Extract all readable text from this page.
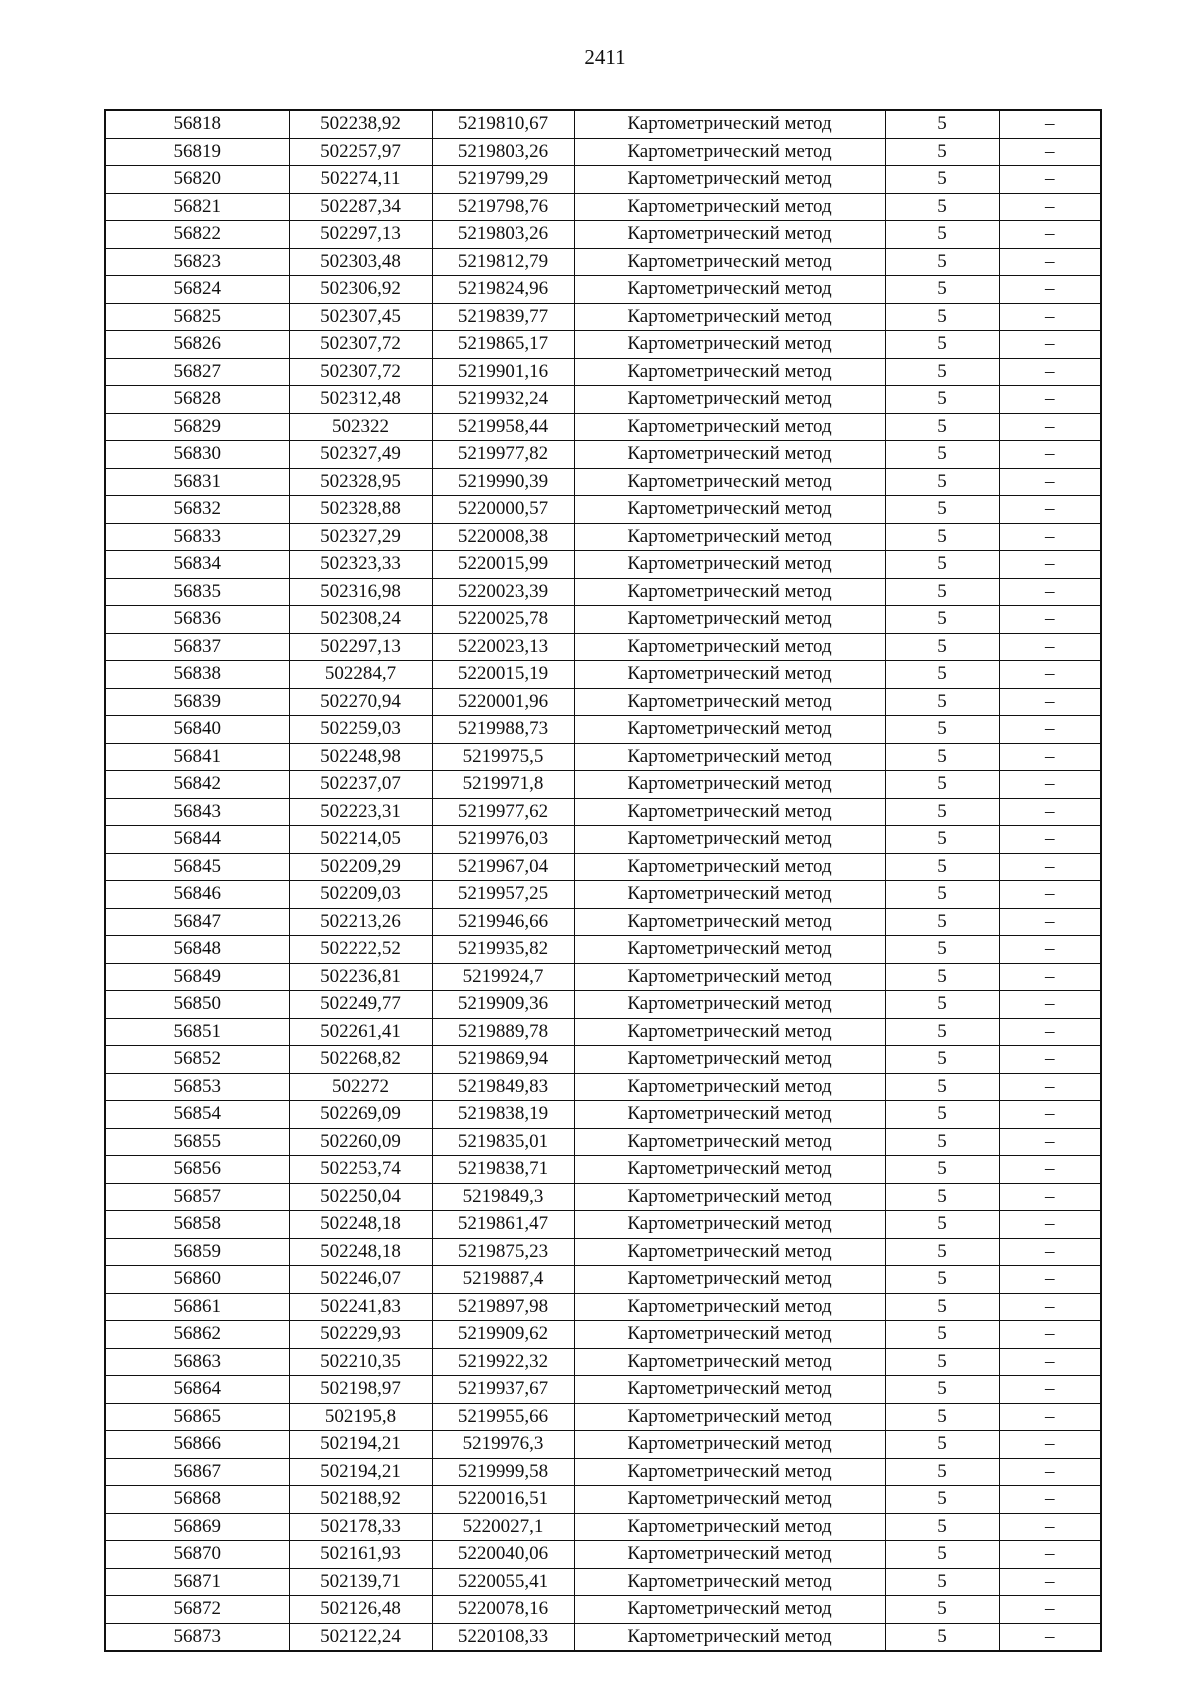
2411
56818	502238,92	5219810,67	Картометрический метод	5	–
56819	502257,97	5219803,26	Картометрический метод	5	–
56820	502274,11	5219799,29	Картометрический метод	5	–
56821	502287,34	5219798,76	Картометрический метод	5	–
56822	502297,13	5219803,26	Картометрический метод	5	–
56823	502303,48	5219812,79	Картометрический метод	5	–
56824	502306,92	5219824,96	Картометрический метод	5	–
56825	502307,45	5219839,77	Картометрический метод	5	–
56826	502307,72	5219865,17	Картометрический метод	5	–
56827	502307,72	5219901,16	Картометрический метод	5	–
56828	502312,48	5219932,24	Картометрический метод	5	–
56829	502322	5219958,44	Картометрический метод	5	–
56830	502327,49	5219977,82	Картометрический метод	5	–
56831	502328,95	5219990,39	Картометрический метод	5	–
56832	502328,88	5220000,57	Картометрический метод	5	–
56833	502327,29	5220008,38	Картометрический метод	5	–
56834	502323,33	5220015,99	Картометрический метод	5	–
56835	502316,98	5220023,39	Картометрический метод	5	–
56836	502308,24	5220025,78	Картометрический метод	5	–
56837	502297,13	5220023,13	Картометрический метод	5	–
56838	502284,7	5220015,19	Картометрический метод	5	–
56839	502270,94	5220001,96	Картометрический метод	5	–
56840	502259,03	5219988,73	Картометрический метод	5	–
56841	502248,98	5219975,5	Картометрический метод	5	–
56842	502237,07	5219971,8	Картометрический метод	5	–
56843	502223,31	5219977,62	Картометрический метод	5	–
56844	502214,05	5219976,03	Картометрический метод	5	–
56845	502209,29	5219967,04	Картометрический метод	5	–
56846	502209,03	5219957,25	Картометрический метод	5	–
56847	502213,26	5219946,66	Картометрический метод	5	–
56848	502222,52	5219935,82	Картометрический метод	5	–
56849	502236,81	5219924,7	Картометрический метод	5	–
56850	502249,77	5219909,36	Картометрический метод	5	–
56851	502261,41	5219889,78	Картометрический метод	5	–
56852	502268,82	5219869,94	Картометрический метод	5	–
56853	502272	5219849,83	Картометрический метод	5	–
56854	502269,09	5219838,19	Картометрический метод	5	–
56855	502260,09	5219835,01	Картометрический метод	5	–
56856	502253,74	5219838,71	Картометрический метод	5	–
56857	502250,04	5219849,3	Картометрический метод	5	–
56858	502248,18	5219861,47	Картометрический метод	5	–
56859	502248,18	5219875,23	Картометрический метод	5	–
56860	502246,07	5219887,4	Картометрический метод	5	–
56861	502241,83	5219897,98	Картометрический метод	5	–
56862	502229,93	5219909,62	Картометрический метод	5	–
56863	502210,35	5219922,32	Картометрический метод	5	–
56864	502198,97	5219937,67	Картометрический метод	5	–
56865	502195,8	5219955,66	Картометрический метод	5	–
56866	502194,21	5219976,3	Картометрический метод	5	–
56867	502194,21	5219999,58	Картометрический метод	5	–
56868	502188,92	5220016,51	Картометрический метод	5	–
56869	502178,33	5220027,1	Картометрический метод	5	–
56870	502161,93	5220040,06	Картометрический метод	5	–
56871	502139,71	5220055,41	Картометрический метод	5	–
56872	502126,48	5220078,16	Картометрический метод	5	–
56873	502122,24	5220108,33	Картометрический метод	5	–
